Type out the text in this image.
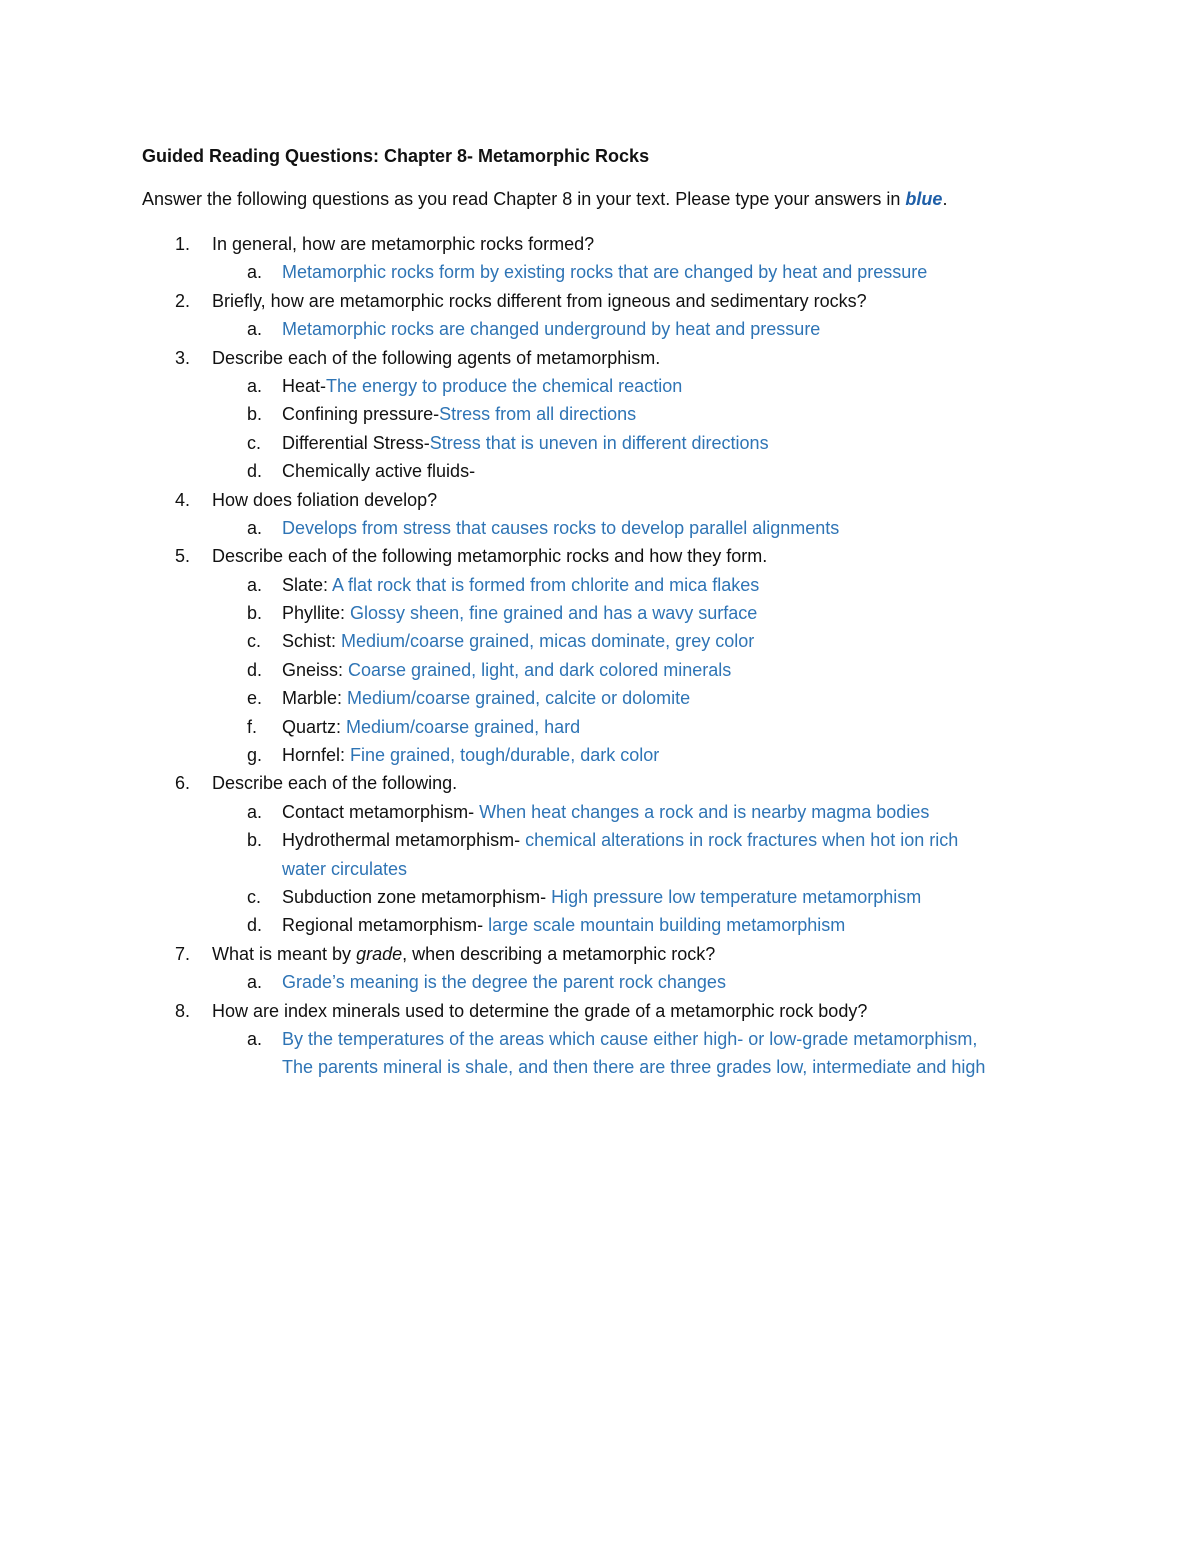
Guided Reading Questions: Chapter 8- Metamorphic Rocks
Answer the following questions as you read Chapter 8 in your text. Please type your answers in blue.
1. In general, how are metamorphic rocks formed?
a. Metamorphic rocks form by existing rocks that are changed by heat and pressure
2. Briefly, how are metamorphic rocks different from igneous and sedimentary rocks?
a. Metamorphic rocks are changed underground by heat and pressure
3. Describe each of the following agents of metamorphism.
a. Heat-The energy to produce the chemical reaction
b. Confining pressure-Stress from all directions
c. Differential Stress-Stress that is uneven in different directions
d. Chemically active fluids-
4. How does foliation develop?
a. Develops from stress that causes rocks to develop parallel alignments
5. Describe each of the following metamorphic rocks and how they form.
a. Slate: A flat rock that is formed from chlorite and mica flakes
b. Phyllite: Glossy sheen, fine grained and has a wavy surface
c. Schist: Medium/coarse grained, micas dominate, grey color
d. Gneiss: Coarse grained, light, and dark colored minerals
e. Marble: Medium/coarse grained, calcite or dolomite
f. Quartz: Medium/coarse grained, hard
g. Hornfel: Fine grained, tough/durable, dark color
6. Describe each of the following.
a. Contact metamorphism- When heat changes a rock and is nearby magma bodies
b. Hydrothermal metamorphism- chemical alterations in rock fractures when hot ion rich
water circulates
c. Subduction zone metamorphism- High pressure low temperature metamorphism
d. Regional metamorphism- large scale mountain building metamorphism
7. What is meant by grade, when describing a metamorphic rock?
a. Grade’s meaning is the degree the parent rock changes
8. How are index minerals used to determine the grade of a metamorphic rock body?
a. By the temperatures of the areas which cause either high- or low-grade metamorphism,
The parents mineral is shale, and then there are three grades low, intermediate and high
